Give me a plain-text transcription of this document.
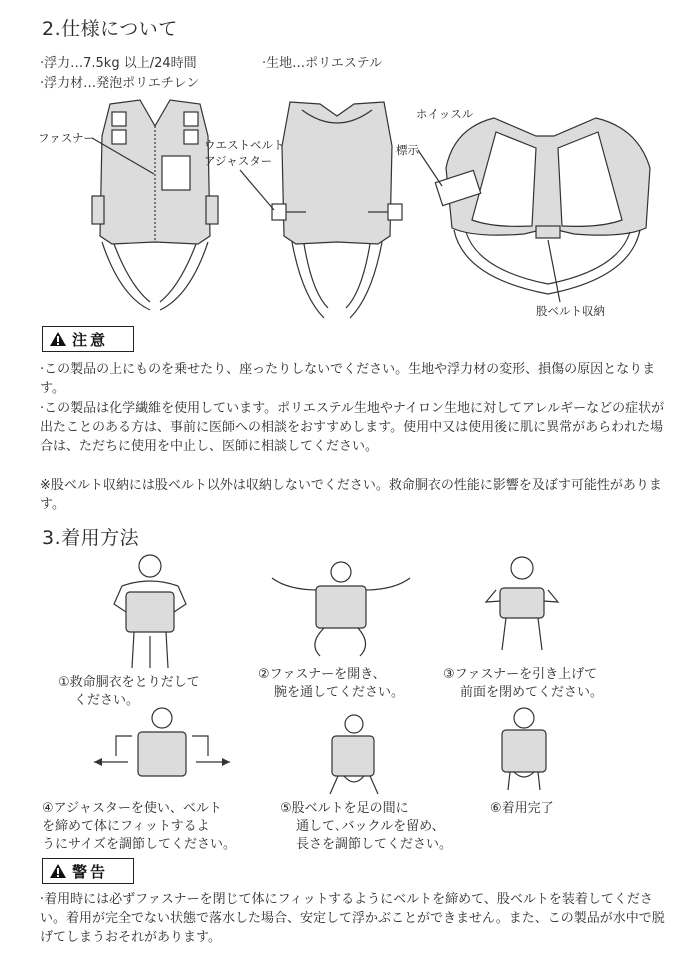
2.仕様について
·浮力…7.5kg 以上/24時間	·生地…ポリエステル
·浮力材…発泡ポリエチレン
ファスナー	ウエストベルト
アジャスター
ホイッスル
標示
股ベルト収納
注意
·この製品の上にものを乗せたり、座ったりしないでください。生地や浮力材の変形、損傷の原因となります。
·この製品は化学繊維を使用しています。ポリエステル生地やナイロン生地に対してアレルギーなどの症状が出たことのある方は、事前に医師への相談をおすすめします。使用中又は使用後に肌に異常があらわれた場合は、ただちに使用を中止し、医師に相談してください。
※股ベルト収納には股ベルト以外は収納しないでください。救命胴衣の性能に影響を及ぼす可能性があります。
3.着用方法
①救命胴衣をとりだして
ください。
②ファスナーを開き、
腕を通してください。
③ファスナーを引き上げて
前面を閉めてください。
④アジャスターを使い、ベルト
を締めて体にフィットするよ
うにサイズを調節してください。
⑤股ベルトを足の間に
通して､バックルを留め、
長さを調節してください。
⑥着用完了
警告
·着用時には必ずファスナーを閉じて体にフィットするようにベルトを締めて、股ベルトを装着してください。着用が完全でない状態で落水した場合、安定して浮かぶことができません。また、この製品が水中で脱げてしまうおそれがあります。
